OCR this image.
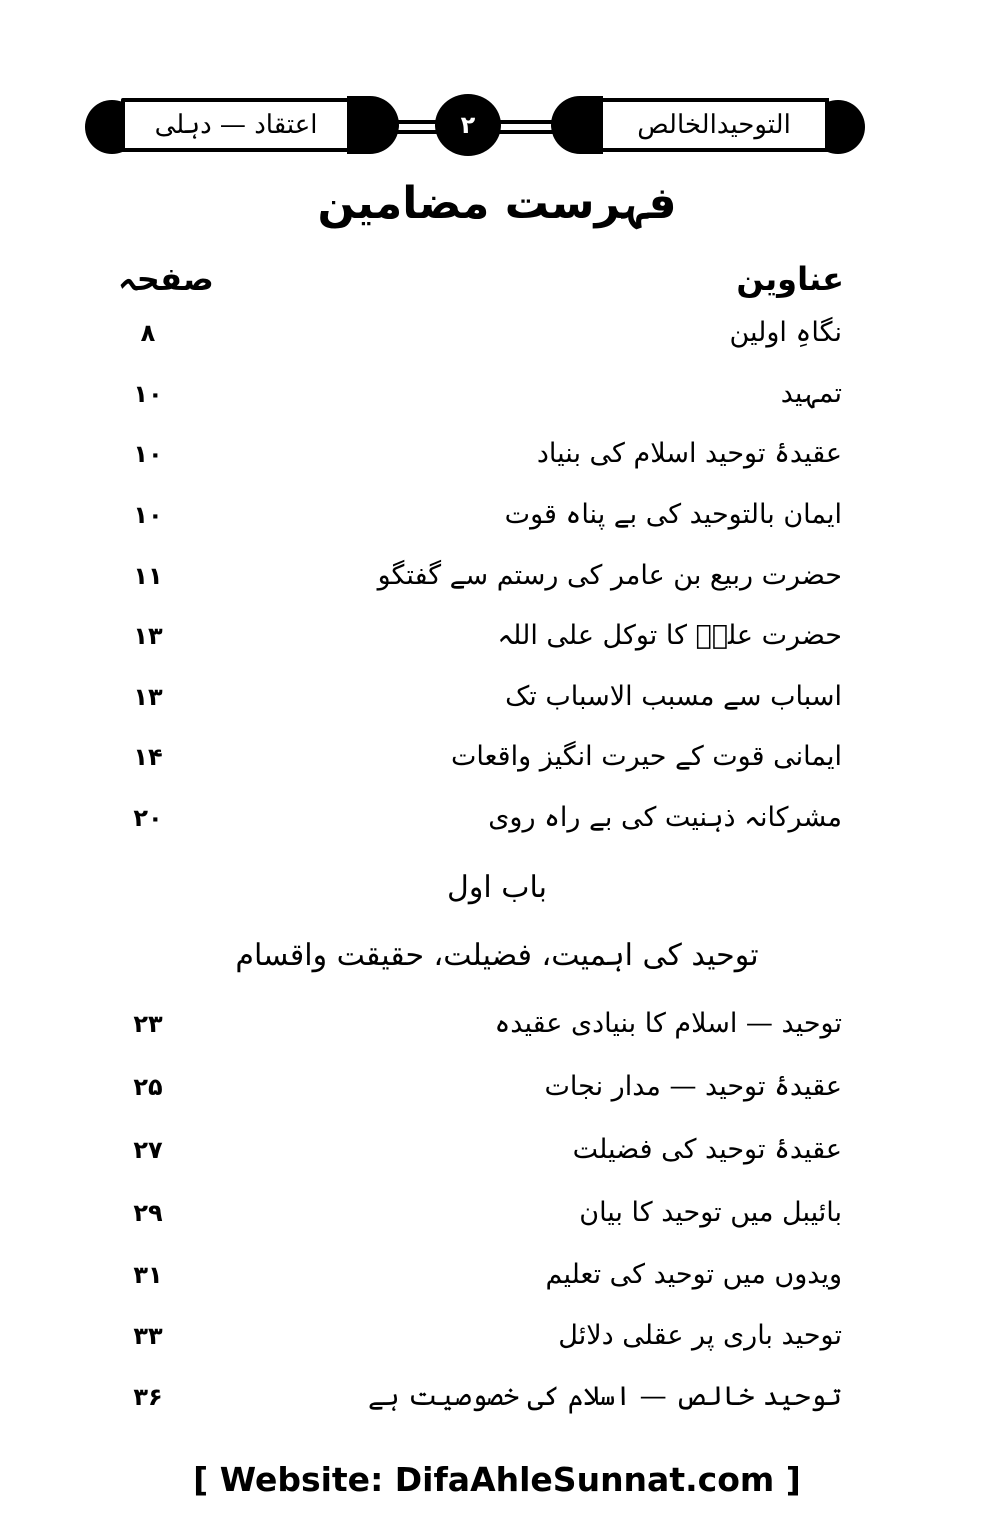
اعتقاد — دہلی	التوحیدالخالص
۲
فہرست مضامین
عناوین
صفحہ
نگاہِ اولین
۸
تمہید
۱۰
عقیدۂ توحید اسلام کی بنیاد
۱۰
ایمان بالتوحید کی بے پناہ قوت
۱۰
حضرت ربیع بن عامر کی رستم سے گفتگو
۱۱
حضرت علیؓ کا توکل علی اللہ
۱۳
اسباب سے مسبب الاسباب تک
۱۳
ایمانی قوت کے حیرت انگیز واقعات
۱۴
مشرکانہ ذہنیت کی بے راہ روی
۲۰
باب اول
توحید کی اہمیت، فضیلت، حقیقت واقسام
توحید — اسلام کا بنیادی عقیدہ
۲۳
عقیدۂ توحید — مدار نجات
۲۵
عقیدۂ توحید کی فضیلت
۲۷
بائیبل میں توحید کا بیان
۲۹
ویدوں میں توحید کی تعلیم
۳۱
توحید باری پر عقلی دلائل
۳۳
توحید خالص — اسلام کی خصوصیت ہے
۳۶
[ Website: DifaAhleSunnat.com ]
